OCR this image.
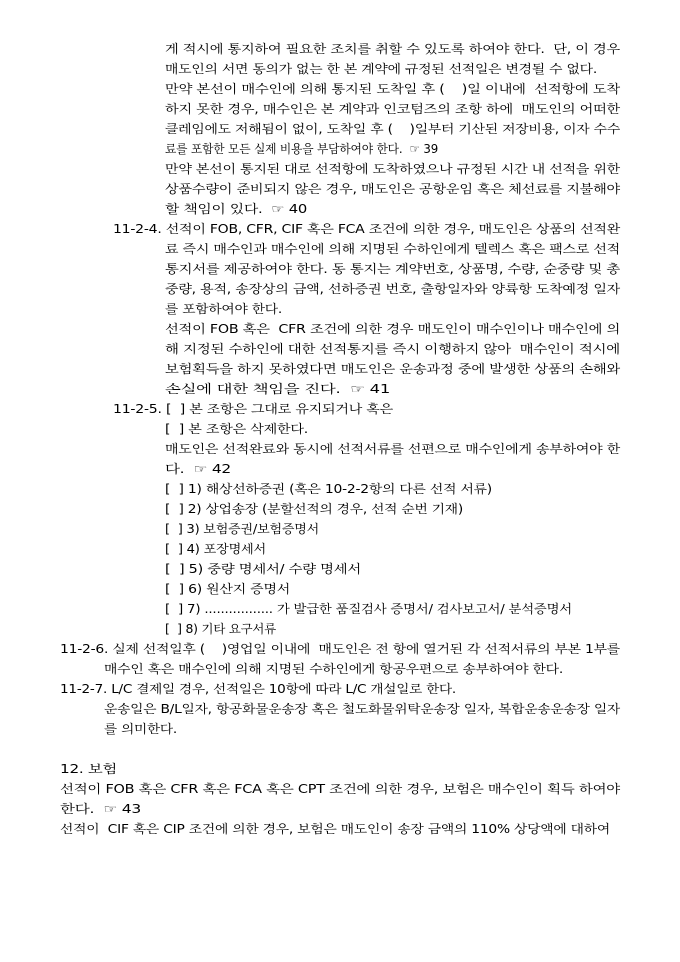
게 적시에 통지하여 필요한 조치를 취할 수 있도록 하여야 한다.  단, 이 경우
매도인의 서면 동의가 없는 한 본 계약에 규정된 선적일은 변경될 수 없다.
만약 본선이 매수인에 의해 통지된 도착일 후 (    )일 이내에  선적항에 도착
하지 못한 경우, 매수인은 본 계약과 인코텀즈의 조항 하에  매도인의 어떠한
클레임에도 저해됨이 없이, 도착일 후 (    )일부터 기산된 저장비용, 이자 수수
료를 포함한 모든 실제 비용을 부담하여야 한다.  ☞ 39
만약 본선이 통지된 대로 선적항에 도착하였으나 규정된 시간 내 선적을 위한
상품수량이 준비되지 않은 경우, 매도인은 공항운임 혹은 체선료를 지불해야
할 책임이 있다.  ☞ 40
11-2-4. 선적이 FOB, CFR, CIF 혹은 FCA 조건에 의한 경우, 매도인은 상품의 선적완
료 즉시 매수인과 매수인에 의해 지명된 수하인에게 텔렉스 혹은 팩스로 선적
통지서를 제공하여야 한다. 동 통지는 계약번호, 상품명, 수량, 순중량 및 총
중량, 용적, 송장상의 금액, 선하증권 번호, 출항일자와 양륙항 도착예정 일자
를 포함하여야 한다.
선적이 FOB 혹은  CFR 조건에 의한 경우 매도인이 매수인이나 매수인에 의
해 지정된 수하인에 대한 선적통지를 즉시 이행하지 않아  매수인이 적시에
보험획득을 하지 못하였다면 매도인은 운송과정 중에 발생한 상품의 손해와
손실에 대한 책임을 진다.  ☞ 41
11-2-5. [  ] 본 조항은 그대로 유지되거나 혹은
[  ] 본 조항은 삭제한다.
매도인은 선적완료와 동시에 선적서류를 선편으로 매수인에게 송부하여야 한
다.  ☞ 42
[  ] 1) 해상선하증권 (혹은 10-2-2항의 다른 선적 서류)
[  ] 2) 상업송장 (분할선적의 경우, 선적 순번 기재)
[  ] 3) 보험증권/보험증명서
[  ] 4) 포장명세서
[  ] 5) 중량 명세서/ 수량 명세서
[  ] 6) 원산지 증명서
[  ] 7) ................. 가 발급한 품질검사 증명서/ 검사보고서/ 분석증명서
[  ] 8) 기타 요구서류
11-2-6. 실제 선적일후 (    )영업일 이내에  매도인은 전 항에 열거된 각 선적서류의 부본 1부를
매수인 혹은 매수인에 의해 지명된 수하인에게 항공우편으로 송부하여야 한다.
11-2-7. L/C 결제일 경우, 선적일은 10항에 따라 L/C 개설일로 한다.
운송일은 B/L일자, 항공화물운송장 혹은 철도화물위탁운송장 일자, 복합운송운송장 일자
를 의미한다.
12. 보험
선적이 FOB 혹은 CFR 혹은 FCA 혹은 CPT 조건에 의한 경우, 보험은 매수인이 획득 하여야
한다.  ☞ 43
선적이  CIF 혹은 CIP 조건에 의한 경우, 보험은 매도인이 송장 금액의 110% 상당액에 대하여
